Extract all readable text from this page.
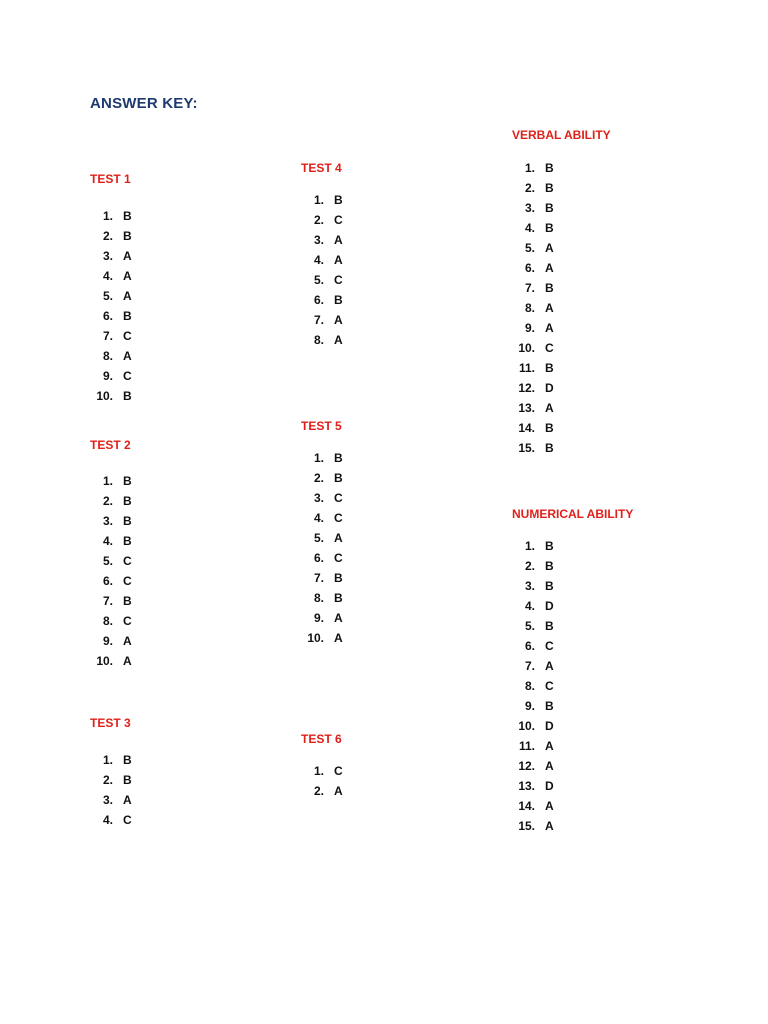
ANSWER KEY:
TEST 1
1. B
2. B
3. A
4. A
5. A
6. B
7. C
8. A
9. C
10. B
TEST 2
1. B
2. B
3. B
4. B
5. C
6. C
7. B
8. C
9. A
10. A
TEST 3
1. B
2. B
3. A
4. C
TEST 4
1. B
2. C
3. A
4. A
5. C
6. B
7. A
8. A
TEST 5
1. B
2. B
3. C
4. C
5. A
6. C
7. B
8. B
9. A
10. A
TEST 6
1. C
2. A
VERBAL ABILITY
1. B
2. B
3. B
4. B
5. A
6. A
7. B
8. A
9. A
10. C
11. B
12. D
13. A
14. B
15. B
NUMERICAL ABILITY
1. B
2. B
3. B
4. D
5. B
6. C
7. A
8. C
9. B
10. D
11. A
12. A
13. D
14. A
15. A
